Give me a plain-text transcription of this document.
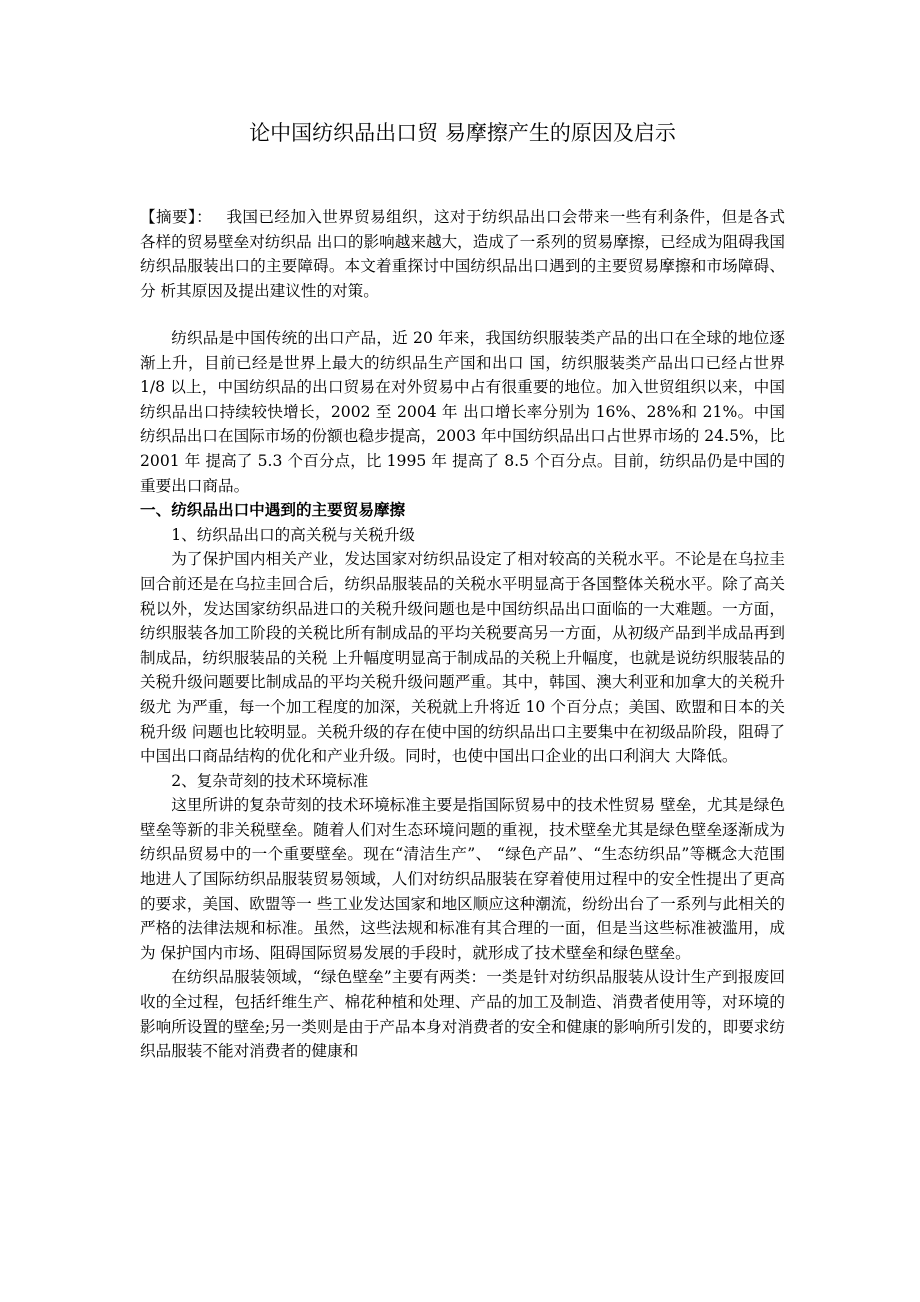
论中国纺织品出口贸 易摩擦产生的原因及启示

【摘要】： 我国已经加入世界贸易组织，这对于纺织品出口会带来一些有利条件，但是各式各样的贸易壁垒对纺织品 出口的影响越来越大，造成了一系列的贸易摩擦，已经成为阻碍我国纺织品服装出口的主要障碍。本文着重探讨中国纺织品出口遇到的主要贸易摩擦和市场障碍、分 析其原因及提出建议性的对策。

纺织品是中国传统的出口产品，近 20 年来，我国纺织服装类产品的出口在全球的地位逐渐上升，目前已经是世界上最大的纺织品生产国和出口 国，纺织服装类产品出口已经占世界 1/8 以上，中国纺织品的出口贸易在对外贸易中占有很重要的地位。加入世贸组织以来，中国纺织品出口持续较快增长，2002 至 2004 年 出口增长率分别为 16%、28%和 21%。中国纺织品出口在国际市场的份额也稳步提高，2003 年中国纺织品出口占世界市场的 24.5%，比 2001 年 提高了 5.3 个百分点，比 1995 年 提高了 8.5 个百分点。目前，纺织品仍是中国的重要出口商品。

一、纺织品出口中遇到的主要贸易摩擦

1、纺织品出口的高关税与关税升级

为了保护国内相关产业，发达国家对纺织品设定了相对较高的关税水平。不论是在乌拉圭回合前还是在乌拉圭回合后，纺织品服装品的关税水平明显高于各国整体关税水平。除了高关税以外，发达国家纺织品进口的关税升级问题也是中国纺织品出口面临的一大难题。一方面，纺织服装各加工阶段的关税比所有制成品的平均关税要高另一方面，从初级产品到半成品再到制成品，纺织服装品的关税 上升幅度明显高于制成品的关税上升幅度，也就是说纺织服装品的关税升级问题要比制成品的平均关税升级问题严重。其中，韩国、澳大利亚和加拿大的关税升级尤 为严重，每一个加工程度的加深，关税就上升将近 10 个百分点；美国、欧盟和日本的关税升级 问题也比较明显。关税升级的存在使中国的纺织品出口主要集中在初级品阶段，阻碍了中国出口商品结构的优化和产业升级。同时，也使中国出口企业的出口利润大 大降低。

2、复杂苛刻的技术环境标准

这里所讲的复杂苛刻的技术环境标准主要是指国际贸易中的技术性贸易 壁垒，尤其是绿色壁垒等新的非关税壁垒。随着人们对生态环境问题的重视，技术壁垒尤其是绿色壁垒逐渐成为纺织品贸易中的一个重要壁垒。现在“清洁生产”、 “绿色产品”、“生态纺织品”等概念大范围地进人了国际纺织品服装贸易领域，人们对纺织品服装在穿着使用过程中的安全性提出了更高的要求，美国、欧盟等一 些工业发达国家和地区顺应这种潮流，纷纷出台了一系列与此相关的严格的法律法规和标准。虽然，这些法规和标准有其合理的一面，但是当这些标准被滥用，成为 保护国内市场、阻碍国际贸易发展的手段时，就形成了技术壁垒和绿色壁垒。

在纺织品服装领域，“绿色壁垒”主要有两类：一类是针对纺织品服装从设计生产到报废回收的全过程，包括纤维生产、棉花种植和处理、产品的加工及制造、消费者使用等，对环境的影响所设置的壁垒;另一类则是由于产品本身对消费者的安全和健康的影响所引发的，即要求纺织品服装不能对消费者的健康和
